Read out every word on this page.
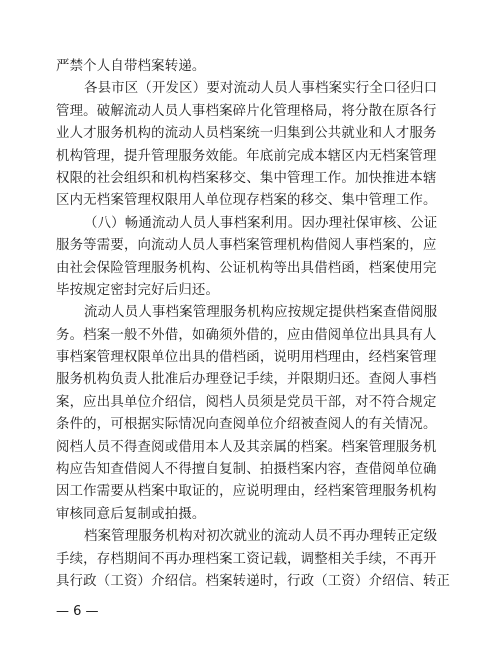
严禁个人自带档案转递。
各县市区（开发区）要对流动人员人事档案实行全口径归口
管理。破解流动人员人事档案碎片化管理格局，将分散在原各行
业人才服务机构的流动人员档案统一归集到公共就业和人才服务
机构管理，提升管理服务效能。年底前完成本辖区内无档案管理
权限的社会组织和机构档案移交、集中管理工作。加快推进本辖
区内无档案管理权限用人单位现存档案的移交、集中管理工作。
（八）畅通流动人员人事档案利用。因办理社保审核、公证
服务等需要，向流动人员人事档案管理机构借阅人事档案的，应
由社会保险管理服务机构、公证机构等出具借档函，档案使用完
毕按规定密封完好后归还。
流动人员人事档案管理服务机构应按规定提供档案查借阅服
务。档案一般不外借，如确须外借的，应由借阅单位出具具有人
事档案管理权限单位出具的借档函，说明用档理由，经档案管理
服务机构负责人批准后办理登记手续，并限期归还。查阅人事档
案，应出具单位介绍信，阅档人员须是党员干部，对不符合规定
条件的，可根据实际情况向查阅单位介绍被查阅人的有关情况。
阅档人员不得查阅或借用本人及其亲属的档案。档案管理服务机
构应告知查借阅人不得擅自复制、拍摄档案内容，查借阅单位确
因工作需要从档案中取证的，应说明理由，经档案管理服务机构
审核同意后复制或拍摄。
档案管理服务机构对初次就业的流动人员不再办理转正定级
手续，存档期间不再办理档案工资记载，调整相关手续，不再开
具行政（工资）介绍信。档案转递时，行政（工资）介绍信、转正
— 6 —
